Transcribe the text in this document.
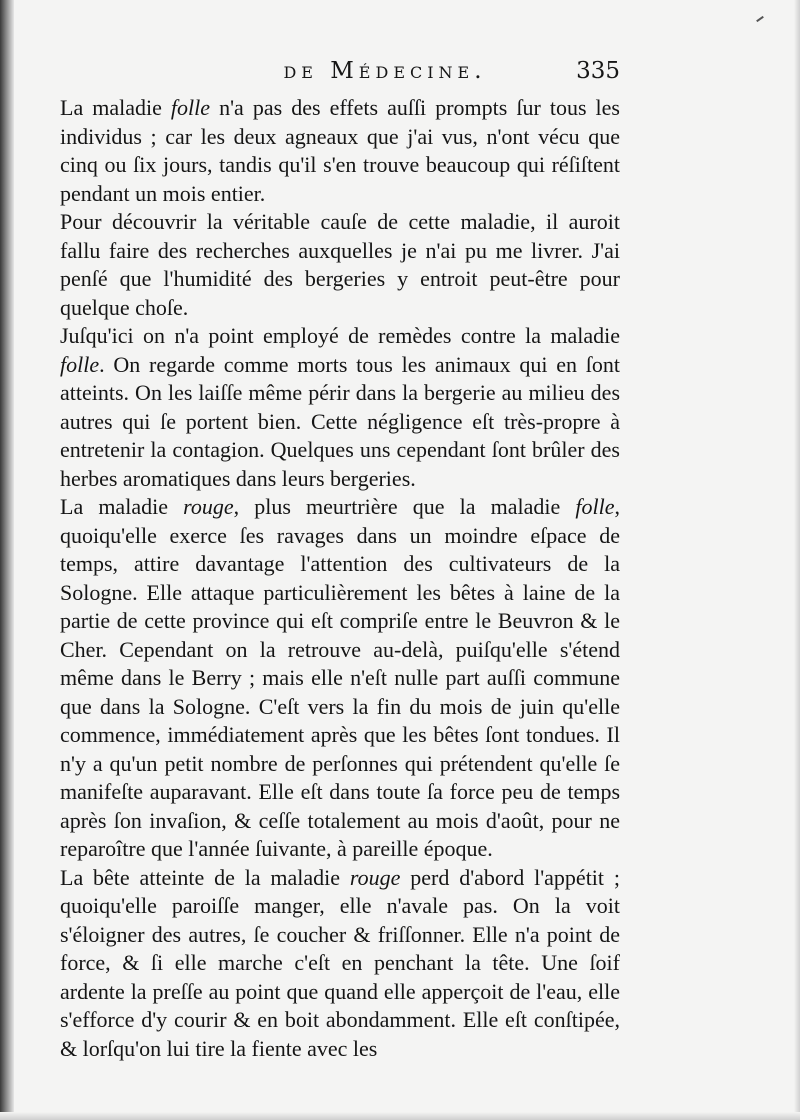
de Médecine.	335

La maladie folle n'a pas des effets auſſi prompts ſur tous les individus ; car les deux agneaux que j'ai vus, n'ont vécu que cinq ou ſix jours, tandis qu'il s'en trouve beaucoup qui réſiſtent pendant un mois entier.

Pour découvrir la véritable cauſe de cette maladie, il auroit fallu faire des recherches auxquelles je n'ai pu me livrer. J'ai penſé que l'humidité des bergeries y entroit peut-être pour quelque choſe.

Juſqu'ici on n'a point employé de remèdes contre la maladie folle. On regarde comme morts tous les animaux qui en ſont atteints. On les laiſſe même périr dans la bergerie au milieu des autres qui ſe portent bien. Cette négligence eſt très-propre à entretenir la contagion. Quelques uns cependant ſont brûler des herbes aromatiques dans leurs bergeries.

La maladie rouge, plus meurtrière que la maladie folle, quoiqu'elle exerce ſes ravages dans un moindre eſpace de temps, attire davantage l'attention des cultivateurs de la Sologne. Elle attaque particulièrement les bêtes à laine de la partie de cette province qui eſt compriſe entre le Beuvron & le Cher. Cependant on la retrouve au-delà, puiſqu'elle s'étend même dans le Berry ; mais elle n'eſt nulle part auſſi commune que dans la Sologne. C'eſt vers la fin du mois de juin qu'elle commence, immédiatement après que les bêtes ſont tondues. Il n'y a qu'un petit nombre de perſonnes qui prétendent qu'elle ſe manifeſte auparavant. Elle eſt dans toute ſa force peu de temps après ſon invaſion, & ceſſe totalement au mois d'août, pour ne reparoître que l'année ſuivante, à pareille époque.

La bête atteinte de la maladie rouge perd d'abord l'appétit ; quoiqu'elle paroiſſe manger, elle n'avale pas. On la voit s'éloigner des autres, ſe coucher & friſſonner. Elle n'a point de force, & ſi elle marche c'eſt en penchant la tête. Une ſoif ardente la preſſe au point que quand elle apperçoit de l'eau, elle s'efforce d'y courir & en boit abondamment. Elle eſt conſtipée, & lorſqu'on lui tire la fiente avec les
